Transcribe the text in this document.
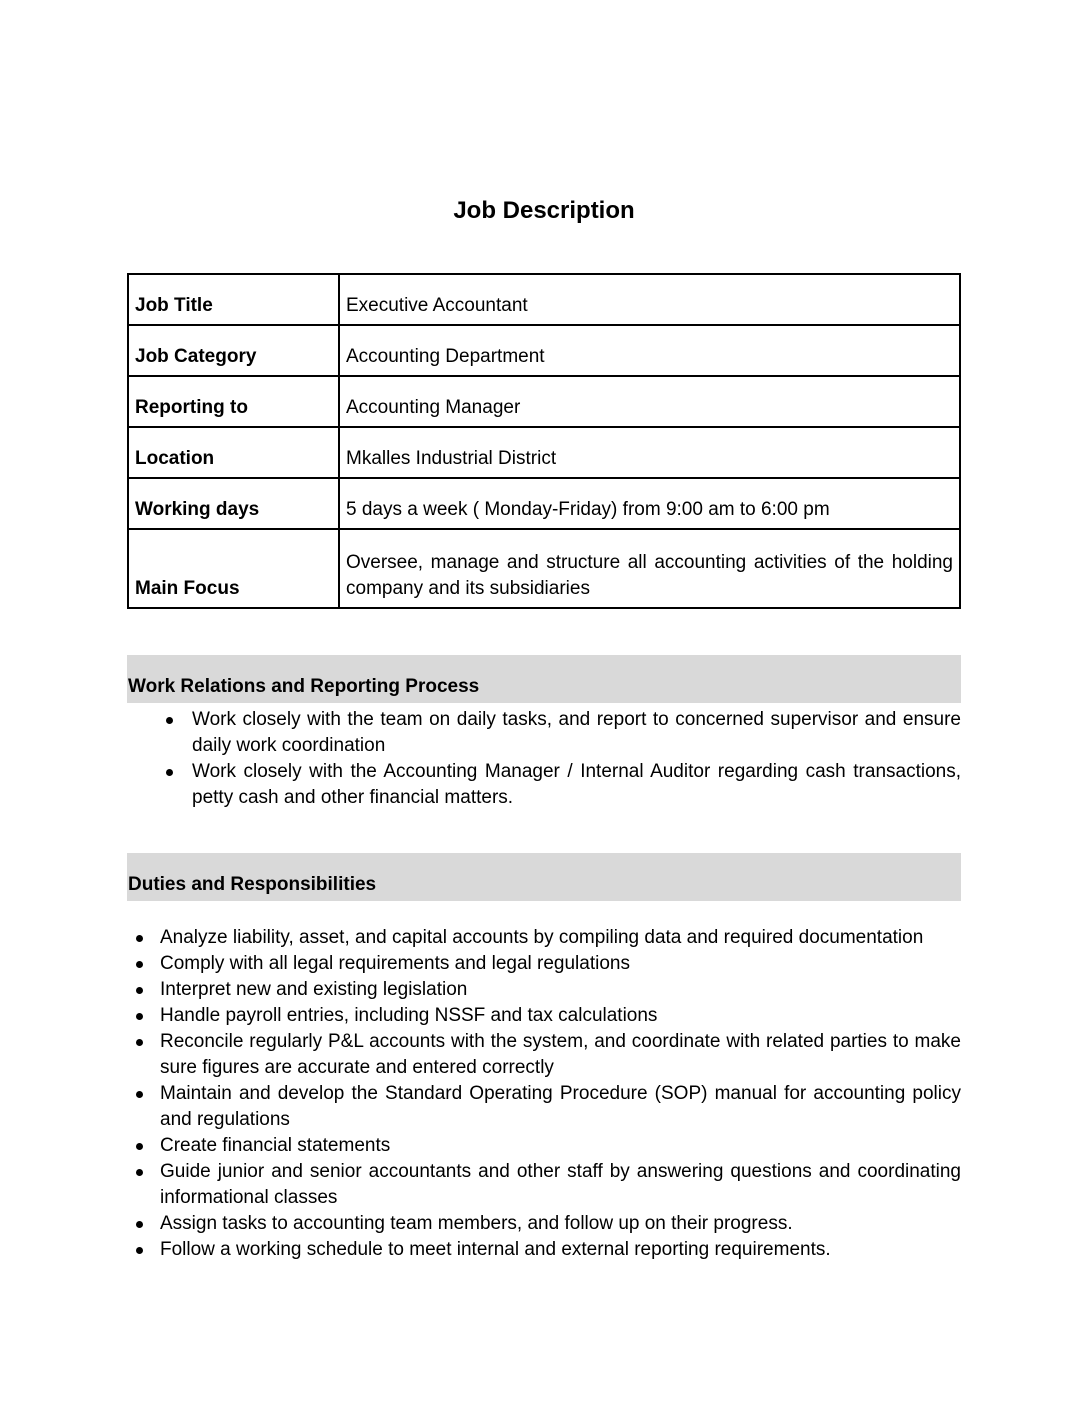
Job Description
Job Title	Executive Accountant
Job Category	Accounting Department
Reporting to	Accounting Manager
Location	Mkalles Industrial District
Working days	5 days a week ( Monday-Friday) from 9:00 am to 6:00 pm
Main Focus	Oversee, manage and structure all accounting activities of the holding company and its subsidiaries
Work Relations and Reporting Process
Work closely with the team on daily tasks, and report to concerned supervisor and ensure daily work coordination
Work closely with the Accounting Manager / Internal Auditor regarding cash transactions, petty cash and other financial matters.
Duties and Responsibilities
Analyze liability, asset, and capital accounts by compiling data and required documentation
Comply with all legal requirements and legal regulations
Interpret new and existing legislation
Handle payroll entries, including NSSF and tax calculations
Reconcile regularly P&L accounts with the system, and coordinate with related parties to make sure figures are accurate and entered correctly
Maintain and develop the Standard Operating Procedure (SOP) manual for accounting policy and regulations
Create financial statements
Guide junior and senior accountants and other staff by answering questions and coordinating informational classes
Assign tasks to accounting team members, and follow up on their progress.
Follow a working schedule to meet internal and external reporting requirements.
